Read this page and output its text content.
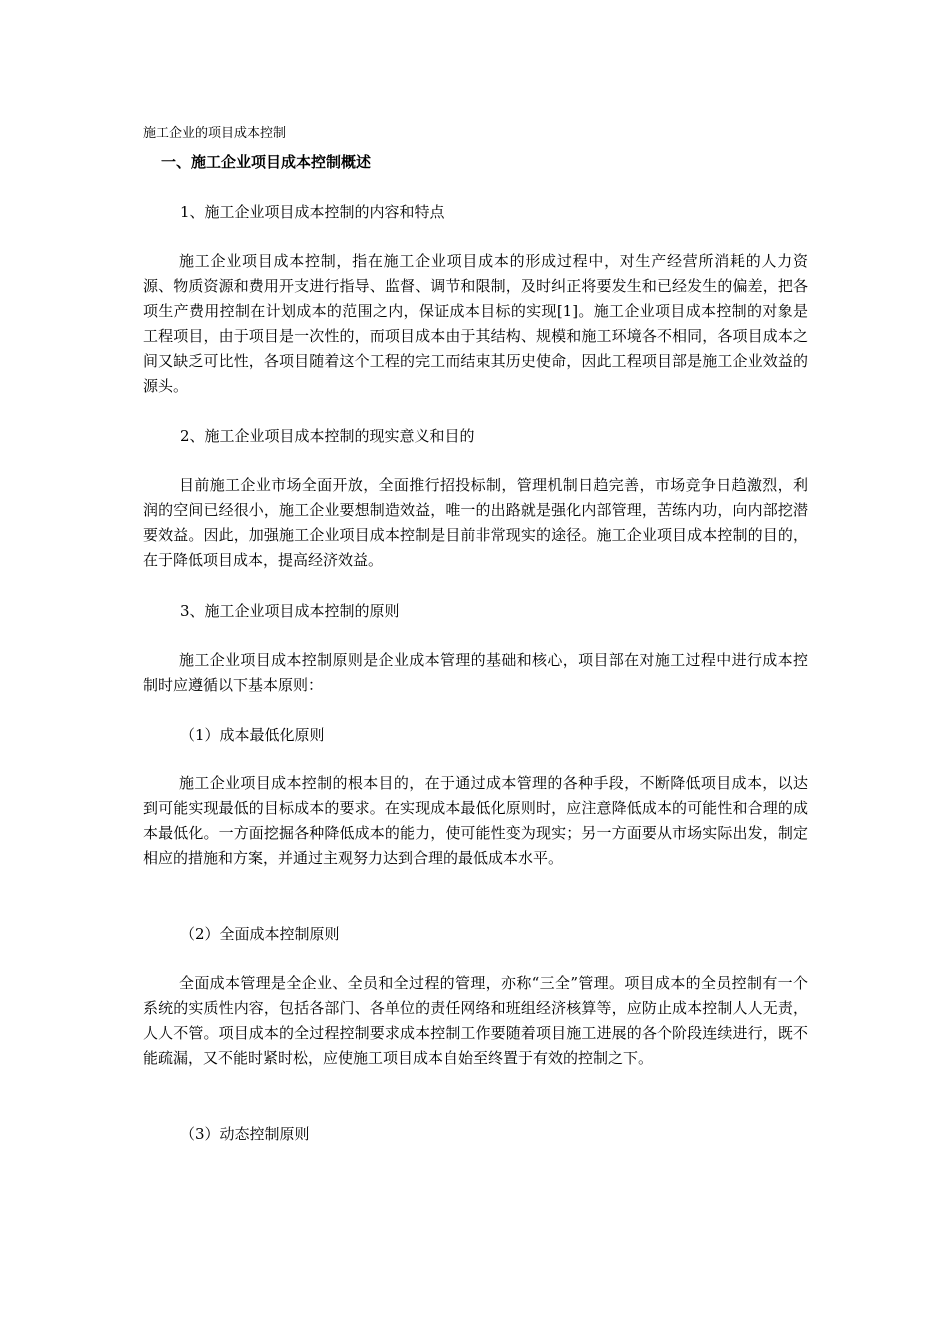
施工企业的项目成本控制
一、施工企业项目成本控制概述
1、施工企业项目成本控制的内容和特点

施工企业项目成本控制，指在施工企业项目成本的形成过程中，对生产经营所消耗的人力资源、物质资源和费用开支进行指导、监督、调节和限制，及时纠正将要发生和已经发生的偏差，把各项生产费用控制在计划成本的范围之内，保证成本目标的实现[1]。施工企业项目成本控制的对象是工程项目，由于项目是一次性的，而项目成本由于其结构、规模和施工环境各不相同，各项目成本之间又缺乏可比性，各项目随着这个工程的完工而结束其历史使命，因此工程项目部是施工企业效益的源头。

2、施工企业项目成本控制的现实意义和目的

目前施工企业市场全面开放，全面推行招投标制，管理机制日趋完善，市场竞争日趋激烈，利润的空间已经很小，施工企业要想制造效益，唯一的出路就是强化内部管理，苦练内功，向内部挖潜要效益。因此，加强施工企业项目成本控制是目前非常现实的途径。施工企业项目成本控制的目的，在于降低项目成本，提高经济效益。

3、施工企业项目成本控制的原则

施工企业项目成本控制原则是企业成本管理的基础和核心，项目部在对施工过程中进行成本控制时应遵循以下基本原则：

（1）成本最低化原则

施工企业项目成本控制的根本目的，在于通过成本管理的各种手段，不断降低项目成本，以达到可能实现最低的目标成本的要求。在实现成本最低化原则时，应注意降低成本的可能性和合理的成本最低化。一方面挖掘各种降低成本的能力，使可能性变为现实；另一方面要从市场实际出发，制定相应的措施和方案，并通过主观努力达到合理的最低成本水平。

（2）全面成本控制原则

全面成本管理是全企业、全员和全过程的管理，亦称“三全”管理。项目成本的全员控制有一个系统的实质性内容，包括各部门、各单位的责任网络和班组经济核算等，应防止成本控制人人无责，人人不管。项目成本的全过程控制要求成本控制工作要随着项目施工进展的各个阶段连续进行，既不能疏漏，又不能时紧时松，应使施工项目成本自始至终置于有效的控制之下。

（3）动态控制原则
